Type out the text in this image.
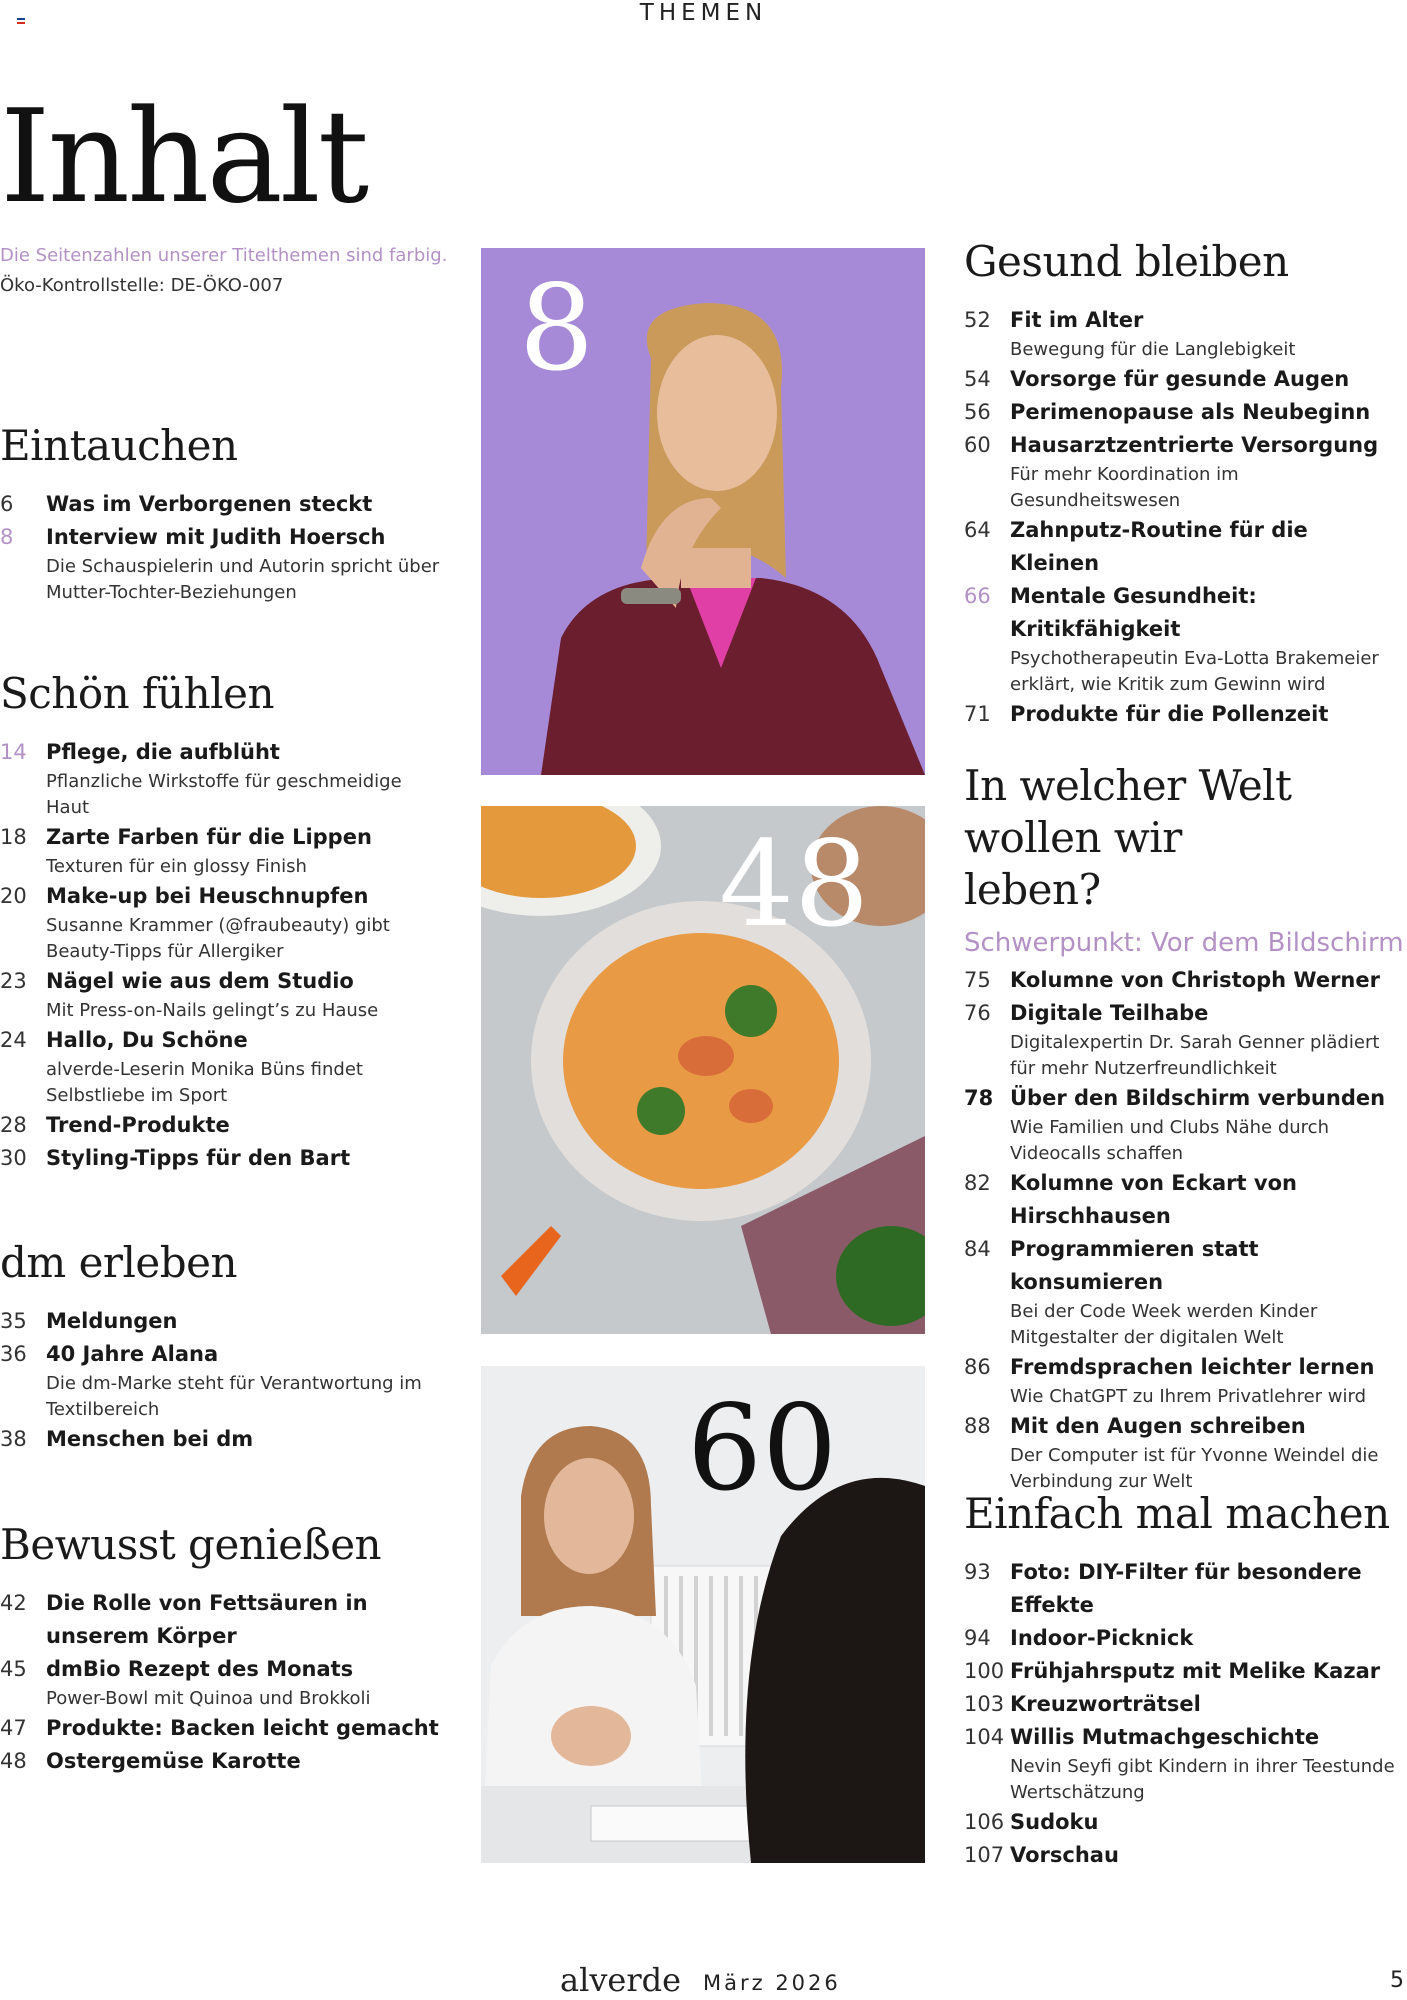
THEMEN
Inhalt
Die Seitenzahlen unserer Titelthemen sind farbig.
Öko-Kontrollstelle: DE-ÖKO-007
Eintauchen
6	Was im Verborgenen steckt
8	Interview mit Judith Hoersch
Die Schauspielerin und Autorin spricht über Mutter-Tochter-Beziehungen
Schön fühlen
14 Pflege, die aufblüht
Pflanzliche Wirkstoffe für geschmeidige Haut
18 Zarte Farben für die Lippen
Texturen für ein glossy Finish
20 Make-up bei Heuschnupfen
Susanne Krammer (@fraubeauty) gibt Beauty-Tipps für Allergiker
23 Nägel wie aus dem Studio
Mit Press-on-Nails gelingt’s zu Hause
24 Hallo, Du Schöne
alverde-Leserin Monika Büns findet Selbstliebe im Sport
28 Trend-Produkte
30 Styling-Tipps für den Bart
dm erleben
35 Meldungen
36 40 Jahre Alana
Die dm-Marke steht für Verantwortung im Textilbereich
38 Menschen bei dm
Bewusst genießen
42 Die Rolle von Fettsäuren in unserem Körper
45 dmBio Rezept des Monats
Power-Bowl mit Quinoa und Brokkoli
47 Produkte: Backen leicht gemacht
48 Ostergemüse Karotte
8
48
60
Gesund bleiben
52 Fit im Alter
Bewegung für die Langlebigkeit
54 Vorsorge für gesunde Augen
56 Perimenopause als Neubeginn
60 Hausarztzentrierte Versorgung
Für mehr Koordination im Gesundheitswesen
64 Zahnputz-Routine für die Kleinen
66 Mentale Gesundheit: Kritikfähigkeit
Psychotherapeutin Eva-Lotta Brakemeier erklärt, wie Kritik zum Gewinn wird
71 Produkte für die Pollenzeit
In welcher Welt wollen wir leben?
Schwerpunkt: Vor dem Bildschirm
75 Kolumne von Christoph Werner
76 Digitale Teilhabe
Digitalexpertin Dr. Sarah Genner plädiert für mehr Nutzerfreundlichkeit
78 Über den Bildschirm verbunden
Wie Familien und Clubs Nähe durch Videocalls schaffen
82 Kolumne von Eckart von Hirschhausen
84 Programmieren statt konsumieren
Bei der Code Week werden Kinder Mitgestalter der digitalen Welt
86 Fremdsprachen leichter lernen
Wie ChatGPT zu Ihrem Privatlehrer wird
88 Mit den Augen schreiben
Der Computer ist für Yvonne Weindel die Verbindung zur Welt
Einfach mal machen
93 Foto: DIY-Filter für besondere Effekte
94 Indoor-Picknick
100 Frühjahrsputz mit Melike Kazar
103 Kreuzworträtsel
104 Willis Mutmachgeschichte
Nevin Seyfi gibt Kindern in ihrer Teestunde Wertschätzung
106 Sudoku
107 Vorschau
alverde März 2026	5
